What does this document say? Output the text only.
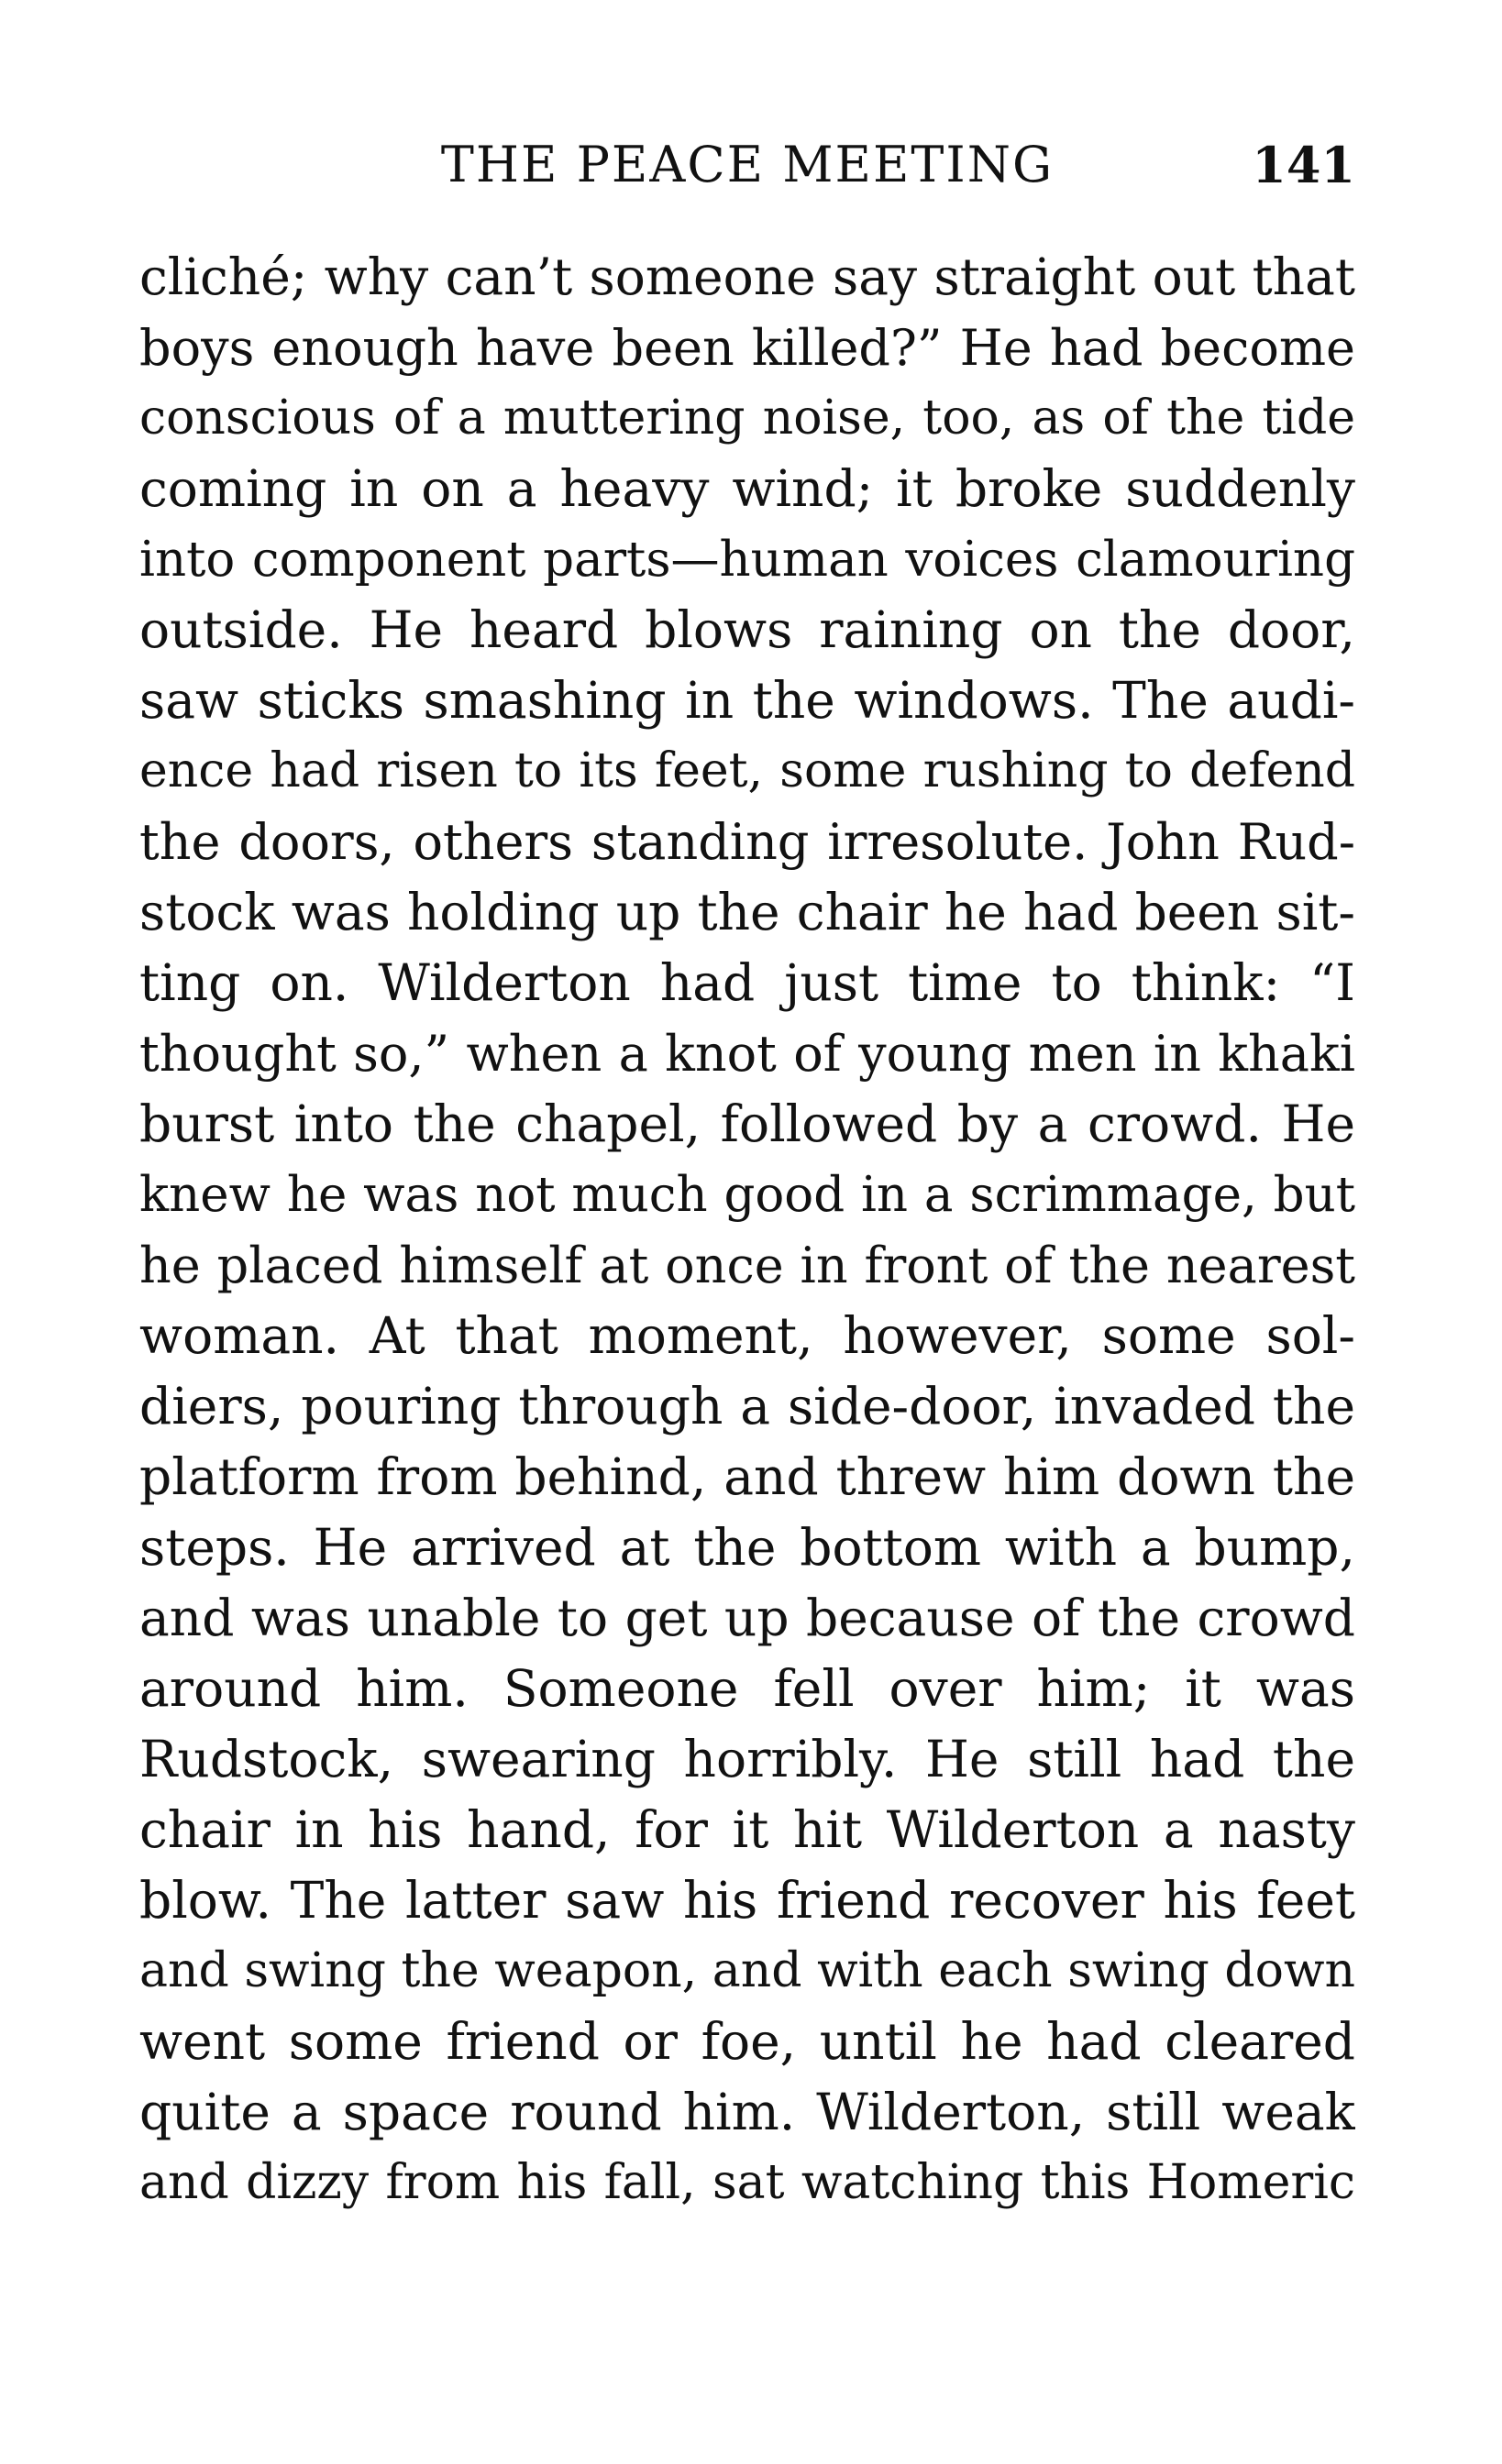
THE PEACE MEETING	141
cliché; why can’t someone say straight out that
boys enough have been killed?” He had become
conscious of a muttering noise, too, as of the tide
coming in on a heavy wind; it broke suddenly
into component parts—human voices clamouring
outside. He heard blows raining on the door,
saw sticks smashing in the windows. The audi-
ence had risen to its feet, some rushing to defend
the doors, others standing irresolute. John Rud-
stock was holding up the chair he had been sit-
ting on. Wilderton had just time to think: “I
thought so,” when a knot of young men in khaki
burst into the chapel, followed by a crowd. He
knew he was not much good in a scrimmage, but
he placed himself at once in front of the nearest
woman. At that moment, however, some sol-
diers, pouring through a side-door, invaded the
platform from behind, and threw him down the
steps. He arrived at the bottom with a bump,
and was unable to get up because of the crowd
around him. Someone fell over him; it was
Rudstock, swearing horribly. He still had the
chair in his hand, for it hit Wilderton a nasty
blow. The latter saw his friend recover his feet
and swing the weapon, and with each swing down
went some friend or foe, until he had cleared
quite a space round him. Wilderton, still weak
and dizzy from his fall, sat watching this Homeric
